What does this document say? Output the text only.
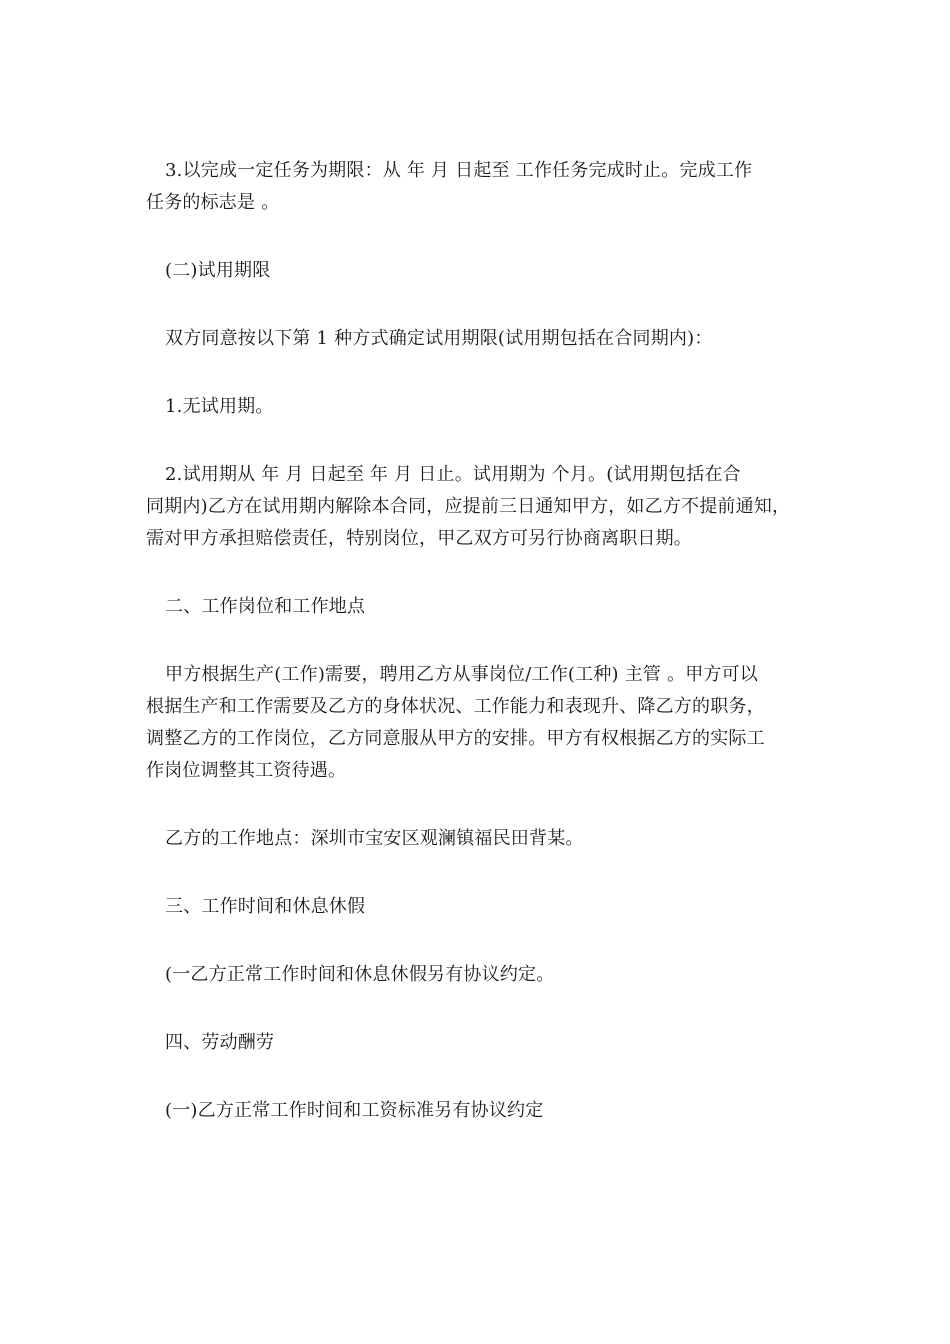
3.以完成一定任务为期限：从 年 月 日起至 工作任务完成时止。完成工作
任务的标志是 。
(二)试用期限
双方同意按以下第 1 种方式确定试用期限(试用期包括在合同期内)：
1.无试用期。
2.试用期从 年 月 日起至 年 月 日止。试用期为 个月。(试用期包括在合
同期内)乙方在试用期内解除本合同，应提前三日通知甲方，如乙方不提前通知，
需对甲方承担赔偿责任，特别岗位，甲乙双方可另行协商离职日期。
二、工作岗位和工作地点
甲方根据生产(工作)需要，聘用乙方从事岗位/工作(工种) 主管 。甲方可以
根据生产和工作需要及乙方的身体状况、工作能力和表现升、降乙方的职务，
调整乙方的工作岗位，乙方同意服从甲方的安排。甲方有权根据乙方的实际工
作岗位调整其工资待遇。
乙方的工作地点：深圳市宝安区观澜镇福民田背某。
三、工作时间和休息休假
(一乙方正常工作时间和休息休假另有协议约定。
四、劳动酬劳
(一)乙方正常工作时间和工资标准另有协议约定
